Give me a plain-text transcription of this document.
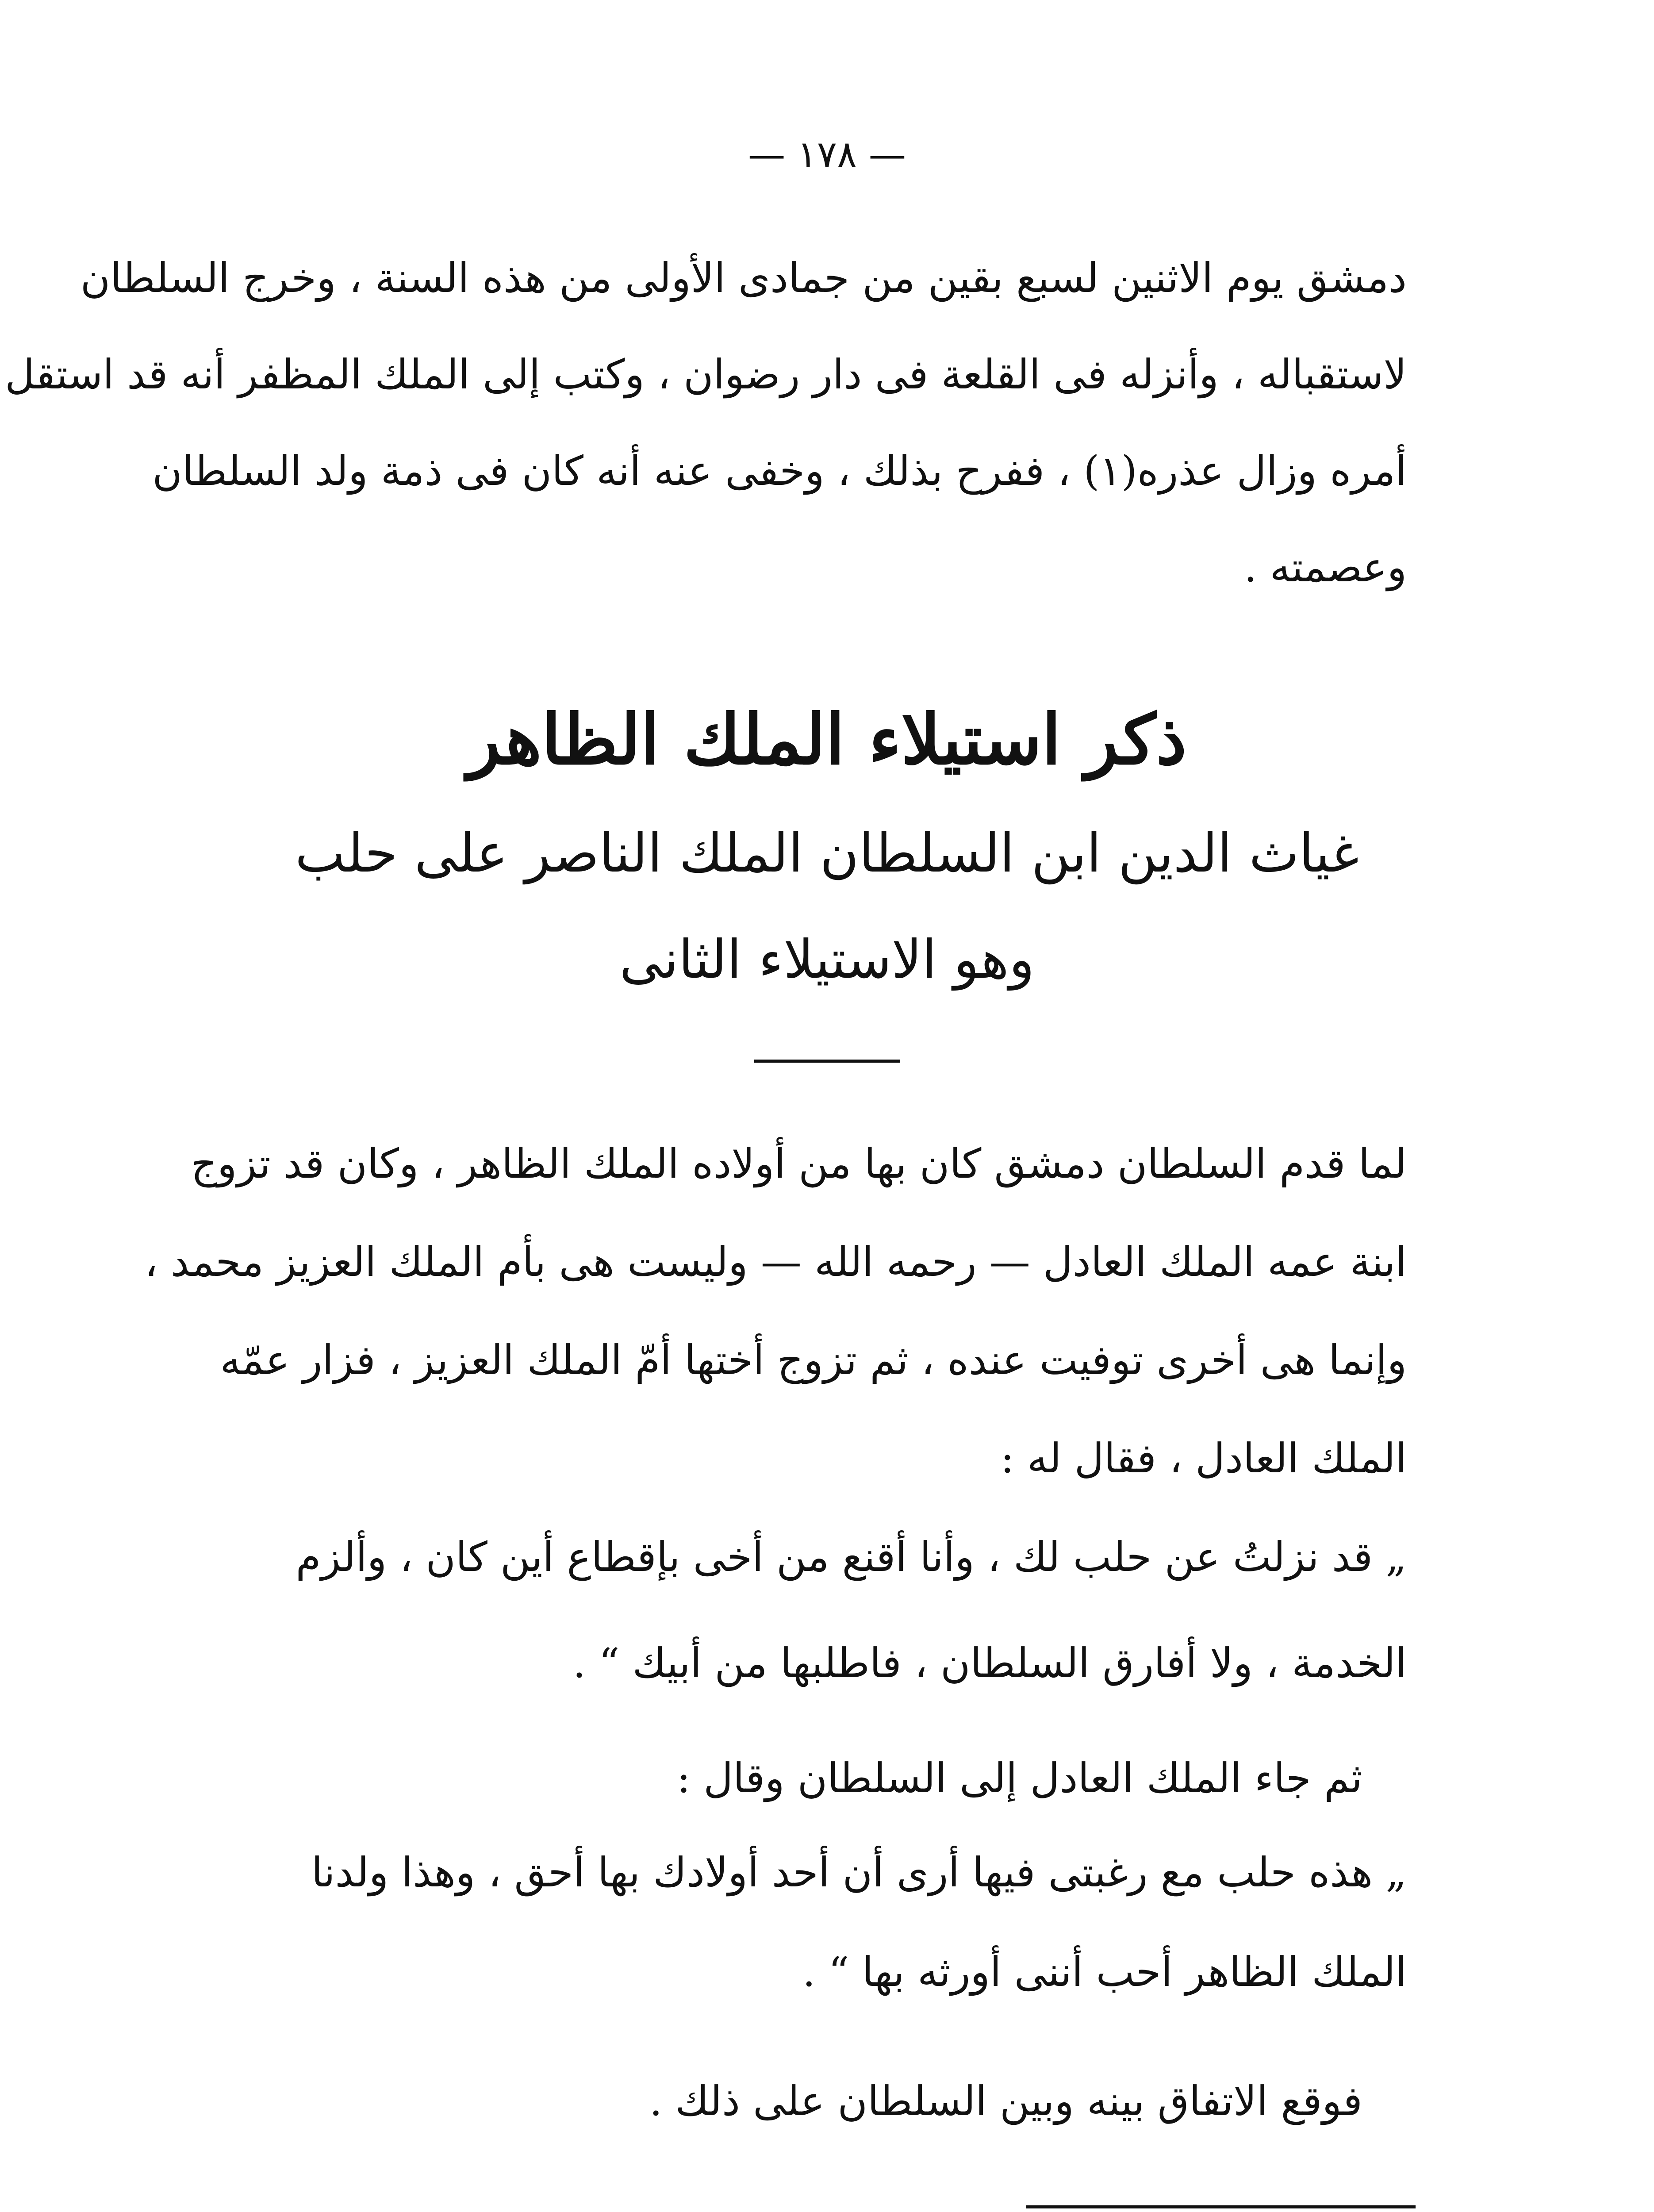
— ١٧٨ —
دمشق يوم الاثنين لسبع بقين من جمادى الأولى من هذه السنة ، وخرج السلطان
لاستقباله ، وأنزله فى القلعة فى دار رضوان ، وكتب إلى الملك المظفر أنه قد استقل
أمره وزال عذره(١) ، ففرح بذلك ، وخفى عنه أنه كان فى ذمة ولد السلطان
وعصمته .
ذكر استيلاء الملك الظاهر
غياث الدين ابن السلطان الملك الناصر على حلب
وهو الاستيلاء الثانى
لما قدم السلطان دمشق كان بها من أولاده الملك الظاهر ، وكان قد تزوج
ابنة عمه الملك العادل — رحمه الله — وليست هى بأم الملك العزيز محمد ،
وإنما هى أخرى توفيت عنده ، ثم تزوج أختها أمّ الملك العزيز ، فزار عمّه
الملك العادل ، فقال له :
„ قد نزلتُ عن حلب لك ، وأنا أقنع من أخى بإقطاع أين كان ، وألزم
الخدمة ، ولا أفارق السلطان ، فاطلبها من أبيك “ .
ثم جاء الملك العادل إلى السلطان وقال :
„ هذه حلب مع رغبتى فيها أرى أن أحد أولادك بها أحق ، وهذا ولدنا
الملك الظاهر أحب أننى أورثه بها “ .
فوقع الاتفاق بينه وبين السلطان على ذلك .
